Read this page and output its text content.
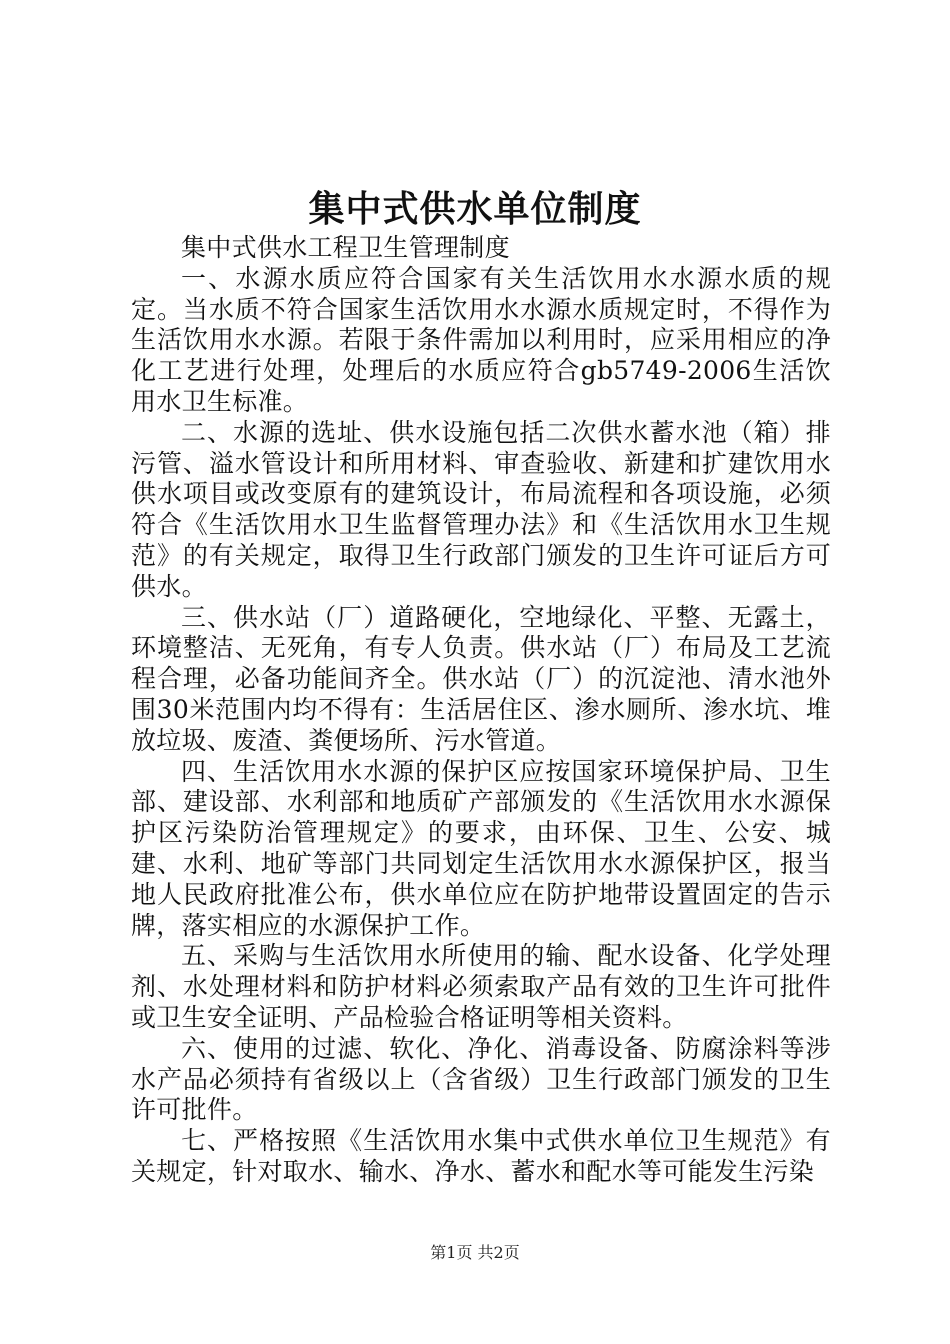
集中式供水单位制度

集中式供水工程卫生管理制度

一、水源水质应符合国家有关生活饮用水水源水质的规定。当水质不符合国家生活饮用水水源水质规定时，不得作为生活饮用水水源。若限于条件需加以利用时，应采用相应的净化工艺进行处理，处理后的水质应符合gb5749-2006生活饮用水卫生标准。

二、水源的选址、供水设施包括二次供水蓄水池（箱）排污管、溢水管设计和所用材料、审查验收、新建和扩建饮用水供水项目或改变原有的建筑设计，布局流程和各项设施，必须符合《生活饮用水卫生监督管理办法》和《生活饮用水卫生规范》的有关规定，取得卫生行政部门颁发的卫生许可证后方可供水。

三、供水站（厂）道路硬化，空地绿化、平整、无露土，环境整洁、无死角，有专人负责。供水站（厂）布局及工艺流程合理，必备功能间齐全。供水站（厂）的沉淀池、清水池外围30米范围内均不得有：生活居住区、渗水厕所、渗水坑、堆放垃圾、废渣、粪便场所、污水管道。

四、生活饮用水水源的保护区应按国家环境保护局、卫生部、建设部、水利部和地质矿产部颁发的《生活饮用水水源保护区污染防治管理规定》的要求，由环保、卫生、公安、城建、水利、地矿等部门共同划定生活饮用水水源保护区，报当地人民政府批准公布，供水单位应在防护地带设置固定的告示牌，落实相应的水源保护工作。

五、采购与生活饮用水所使用的输、配水设备、化学处理剂、水处理材料和防护材料必须索取产品有效的卫生许可批件或卫生安全证明、产品检验合格证明等相关资料。

六、使用的过滤、软化、净化、消毒设备、防腐涂料等涉水产品必须持有省级以上（含省级）卫生行政部门颁发的卫生许可批件。

七、严格按照《生活饮用水集中式供水单位卫生规范》有关规定，针对取水、输水、净水、蓄水和配水等可能发生污染

第1页 共2页
